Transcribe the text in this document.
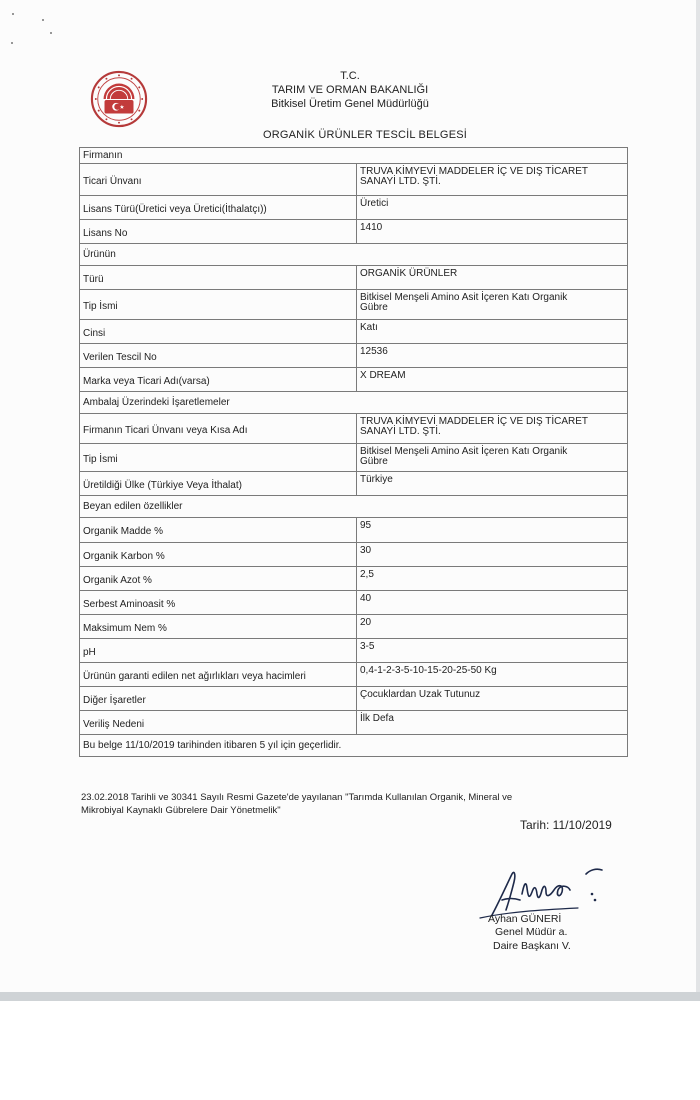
T.C.
TARIM VE ORMAN BAKANLIĞI
Bitkisel Üretim Genel Müdürlüğü
ORGANİK ÜRÜNLER TESCİL BELGESİ
Firmanın	
Ticari Ünvanı	TRUVA KİMYEVİ MADDELER İÇ VE DIŞ TİCARET
SANAYİ LTD. ŞTİ.
Lisans Türü(Üretici veya Üretici(İthalatçı))	Üretici
Lisans No	1410
Ürünün	
Türü	ORGANİK ÜRÜNLER
Tip İsmi	Bitkisel Menşeli Amino Asit İçeren Katı Organik
Gübre
Cinsi	Katı
Verilen Tescil No	12536
Marka veya Ticari Adı(varsa)	X DREAM
Ambalaj Üzerindeki İşaretlemeler	
Firmanın Ticari Ünvanı veya Kısa Adı	TRUVA KİMYEVİ MADDELER İÇ VE DIŞ TİCARET
SANAYİ LTD. ŞTİ.
Tip İsmi	Bitkisel Menşeli Amino Asit İçeren Katı Organik
Gübre
Üretildiği Ülke (Türkiye Veya İthalat)	Türkiye
Beyan edilen özellikler	
Organik Madde %	95
Organik Karbon %	30
Organik Azot %	2,5
Serbest Aminoasit %	40
Maksimum Nem %	20
pH	3-5
Ürünün garanti edilen net ağırlıkları veya hacimleri	0,4-1-2-3-5-10-15-20-25-50 Kg
Diğer İşaretler	Çocuklardan Uzak Tutunuz
Veriliş Nedeni	İlk Defa
Bu belge 11/10/2019 tarihinden itibaren 5 yıl için geçerlidir.	
23.02.2018 Tarihli ve 30341 Sayılı Resmi Gazete'de yayılanan "Tarımda Kullanılan Organik, Mineral ve
Mikrobiyal Kaynaklı Gübrelere Dair Yönetmelik"
Tarih: 11/10/2019
Ayhan GÜNERİ
Genel Müdür a.
Daire Başkanı V.
